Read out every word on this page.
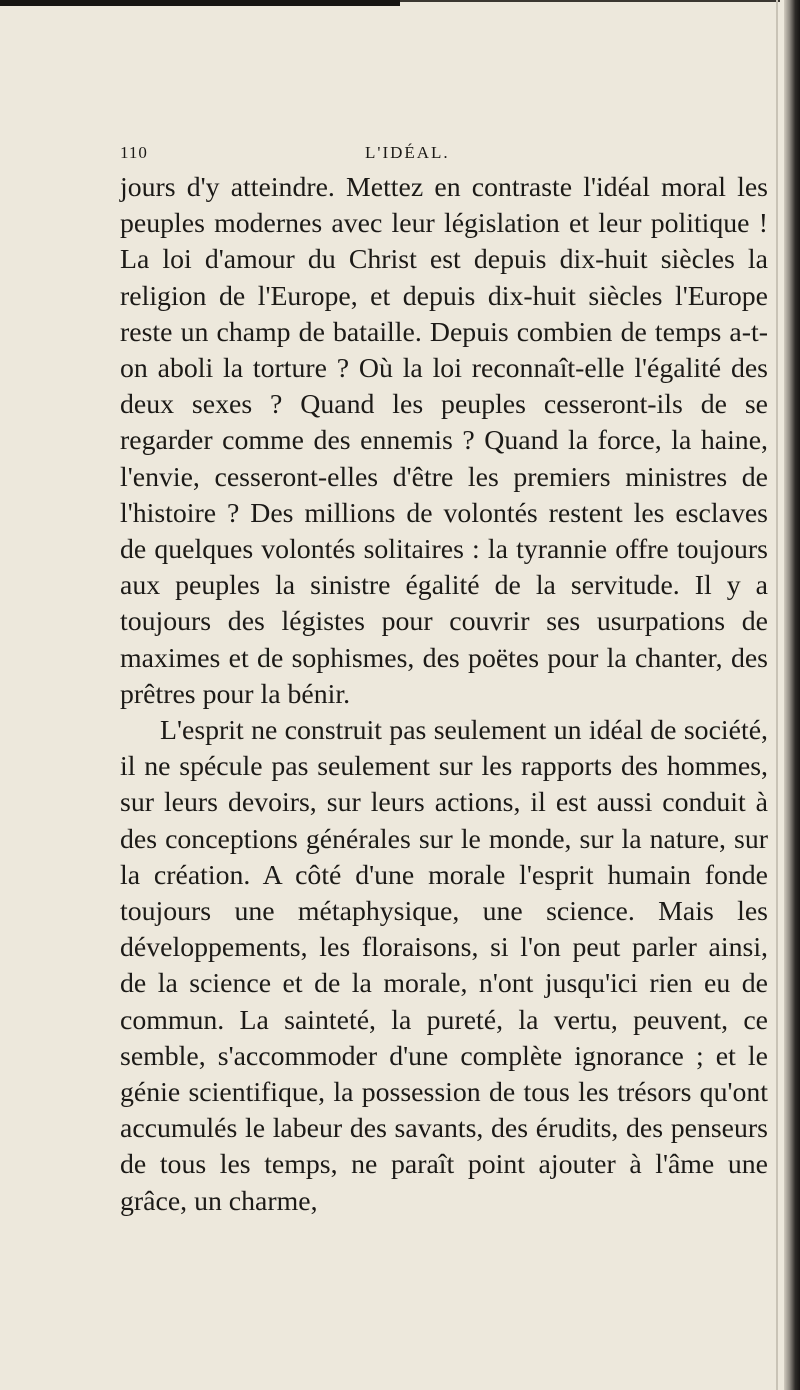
110	L'IDÉAL.

jours d'y atteindre. Mettez en contraste l'idéal moral les peuples modernes avec leur législation et leur politique ! La loi d'amour du Christ est depuis dix-huit siècles la religion de l'Europe, et depuis dix-huit siècles l'Europe reste un champ de bataille. Depuis combien de temps a-t-on aboli la torture ? Où la loi reconnaît-elle l'égalité des deux sexes ? Quand les peuples cesseront-ils de se regarder comme des ennemis ? Quand la force, la haine, l'envie, cesseront-elles d'être les premiers ministres de l'histoire ? Des millions de volontés restent les esclaves de quelques volontés solitaires : la tyrannie offre toujours aux peuples la sinistre égalité de la servitude. Il y a toujours des légistes pour couvrir ses usurpations de maximes et de sophismes, des poëtes pour la chanter, des prêtres pour la bénir.

L'esprit ne construit pas seulement un idéal de société, il ne spécule pas seulement sur les rapports des hommes, sur leurs devoirs, sur leurs actions, il est aussi conduit à des conceptions générales sur le monde, sur la nature, sur la création. A côté d'une morale l'esprit humain fonde toujours une métaphysique, une science. Mais les développements, les floraisons, si l'on peut parler ainsi, de la science et de la morale, n'ont jusqu'ici rien eu de commun. La sainteté, la pureté, la vertu, peuvent, ce semble, s'accommoder d'une complète ignorance ; et le génie scientifique, la possession de tous les trésors qu'ont accumulés le labeur des savants, des érudits, des penseurs de tous les temps, ne paraît point ajouter à l'âme une grâce, un charme,
